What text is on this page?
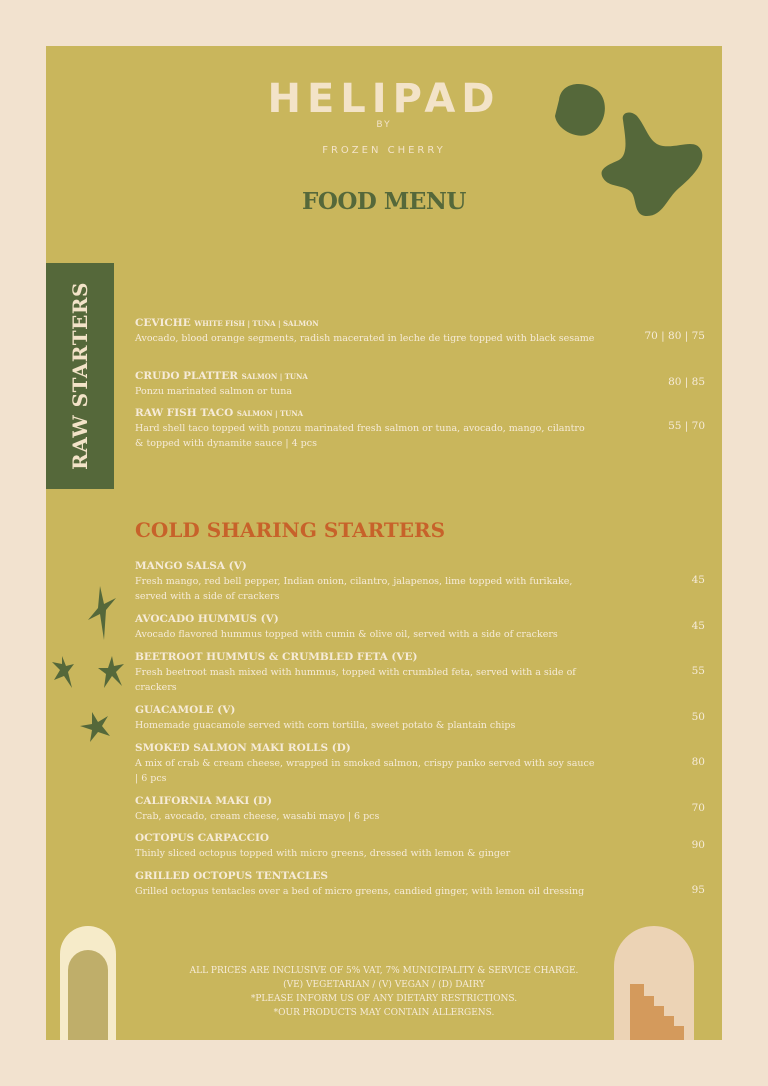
HELIPAD
BY
FROZEN CHERRY
FOOD MENU
RAW STARTERS	CEVICHE WHITE FISH | TUNA | SALMON
Avocado, blood orange segments, radish macerated in leche de tigre topped with black sesame	70 | 80 | 75
CRUDO PLATTER SALMON | TUNA
Ponzu marinated salmon or tuna
80 | 85
RAW FISH TACO SALMON | TUNA
Hard shell taco topped with ponzu marinated fresh salmon or tuna, avocado, mango, cilantro & topped with dynamite sauce | 4 pcs
55 | 70
COLD SHARING STARTERS
MANGO SALSA (V)
Fresh mango, red bell pepper, Indian onion, cilantro, jalapenos, lime topped with furikake, served with a side of crackers
45
AVOCADO HUMMUS (V)
Avocado flavored hummus topped with cumin & olive oil, served with a side of crackers
45
BEETROOT HUMMUS & CRUMBLED FETA (VE)
Fresh beetroot mash mixed with hummus, topped with crumbled feta, served with a side of crackers
55
GUACAMOLE (V)
Homemade guacamole served with corn tortilla, sweet potato & plantain chips
50
SMOKED SALMON MAKI ROLLS (D)
A mix of crab & cream cheese, wrapped in smoked salmon, crispy panko served with soy sauce | 6 pcs
80
CALIFORNIA MAKI (D)
Crab, avocado, cream cheese, wasabi mayo | 6 pcs
70
OCTOPUS CARPACCIO
Thinly sliced octopus topped with micro greens, dressed with lemon & ginger
90
GRILLED OCTOPUS TENTACLES
Grilled octopus tentacles over a bed of micro greens, candied ginger, with lemon oil dressing	95
ALL PRICES ARE INCLUSIVE OF 5% VAT, 7% MUNICIPALITY & SERVICE CHARGE.
(VE) VEGETARIAN / (V) VEGAN / (D) DAIRY
*PLEASE INFORM US OF ANY DIETARY RESTRICTIONS.
*OUR PRODUCTS MAY CONTAIN ALLERGENS.
